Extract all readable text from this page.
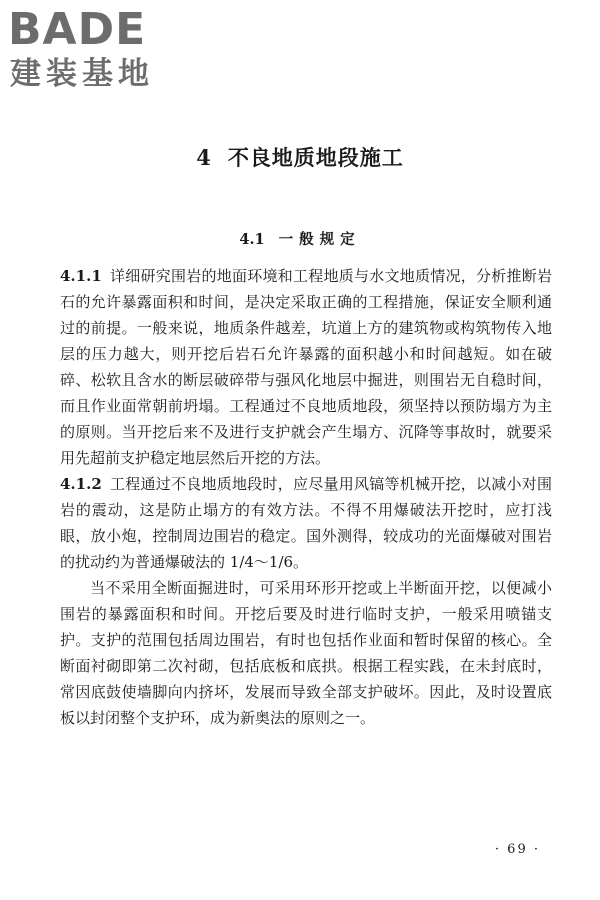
BADE
建装基地
4 不良地质地段施工
4.1 一般规定

4.1.1 详细研究围岩的地面环境和工程地质与水文地质情况，分析推断岩石的允许暴露面积和时间，是决定采取正确的工程措施，保证安全顺利通过的前提。一般来说，地质条件越差，坑道上方的建筑物或构筑物传入地层的压力越大，则开挖后岩石允许暴露的面积越小和时间越短。如在破碎、松软且含水的断层破碎带与强风化地层中掘进，则围岩无自稳时间，而且作业面常朝前坍塌。工程通过不良地质地段，须坚持以预防塌方为主的原则。当开挖后来不及进行支护就会产生塌方、沉降等事故时，就要采用先超前支护稳定地层然后开挖的方法。

4.1.2 工程通过不良地质地段时，应尽量用风镐等机械开挖，以减小对围岩的震动，这是防止塌方的有效方法。不得不用爆破法开挖时，应打浅眼，放小炮，控制周边围岩的稳定。国外测得，较成功的光面爆破对围岩的扰动约为普通爆破法的 1/4～1/6。

当不采用全断面掘进时，可采用环形开挖或上半断面开挖，以便减小围岩的暴露面积和时间。开挖后要及时进行临时支护，一般采用喷锚支护。支护的范围包括周边围岩，有时也包括作业面和暂时保留的核心。全断面衬砌即第二次衬砌，包括底板和底拱。根据工程实践，在未封底时，常因底鼓使墙脚向内挤坏，发展而导致全部支护破坏。因此，及时设置底板以封闭整个支护环，成为新奥法的原则之一。

· 69 ·
